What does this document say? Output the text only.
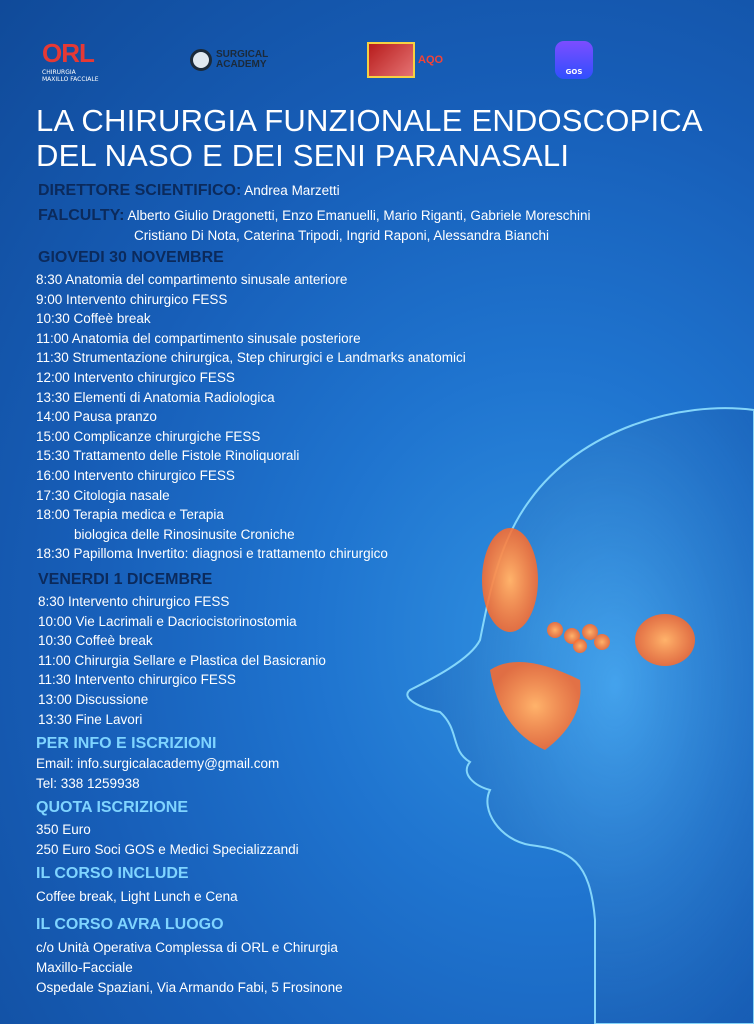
ORL
CHIRURGIA
MAXILLO FACCIALE
SURGICAL
ACADEMY	AQO
GOS
LA CHIRURGIA FUNZIONALE ENDOSCOPICA
DEL NASO E DEI SENI PARANASALI
DIRETTORE SCIENTIFICO: Andrea Marzetti
FALCULTY: Alberto Giulio Dragonetti, Enzo Emanuelli, Mario Riganti, Gabriele Moreschini
Cristiano Di Nota, Caterina Tripodi, Ingrid Raponi, Alessandra Bianchi
GIOVEDI 30 NOVEMBRE
8:30 Anatomia del compartimento sinusale anteriore
9:00 Intervento chirurgico FESS
10:30 Coffeè break
11:00 Anatomia del compartimento sinusale posteriore
11:30 Strumentazione chirurgica, Step chirurgici e Landmarks anatomici
12:00 Intervento chirurgico FESS
13:30 Elementi di Anatomia Radiologica
14:00 Pausa pranzo
15:00 Complicanze chirurgiche FESS
15:30 Trattamento delle Fistole Rinoliquorali
16:00 Intervento chirurgico FESS
17:30 Citologia nasale
18:00 Terapia medica e Terapia
biologica delle Rinosinusite Croniche
18:30 Papilloma Invertito: diagnosi e trattamento chirurgico
VENERDI 1 DICEMBRE
8:30 Intervento chirurgico FESS
10:00 Vie Lacrimali e Dacriocistorinostomia
10:30 Coffeè break
11:00 Chirurgia Sellare e Plastica del Basicranio
11:30 Intervento chirurgico FESS
13:00 Discussione
13:30 Fine Lavori
PER INFO E ISCRIZIONI
Email: info.surgicalacademy@gmail.com
Tel: 338 1259938
QUOTA ISCRIZIONE
350 Euro
250 Euro Soci GOS e Medici Specializzandi
IL CORSO INCLUDE
Coffee break, Light Lunch e Cena
IL CORSO AVRA LUOGO
c/o Unità Operativa Complessa di ORL e Chirurgia
Maxillo-Facciale
Ospedale Spaziani, Via Armando Fabi, 5 Frosinone
